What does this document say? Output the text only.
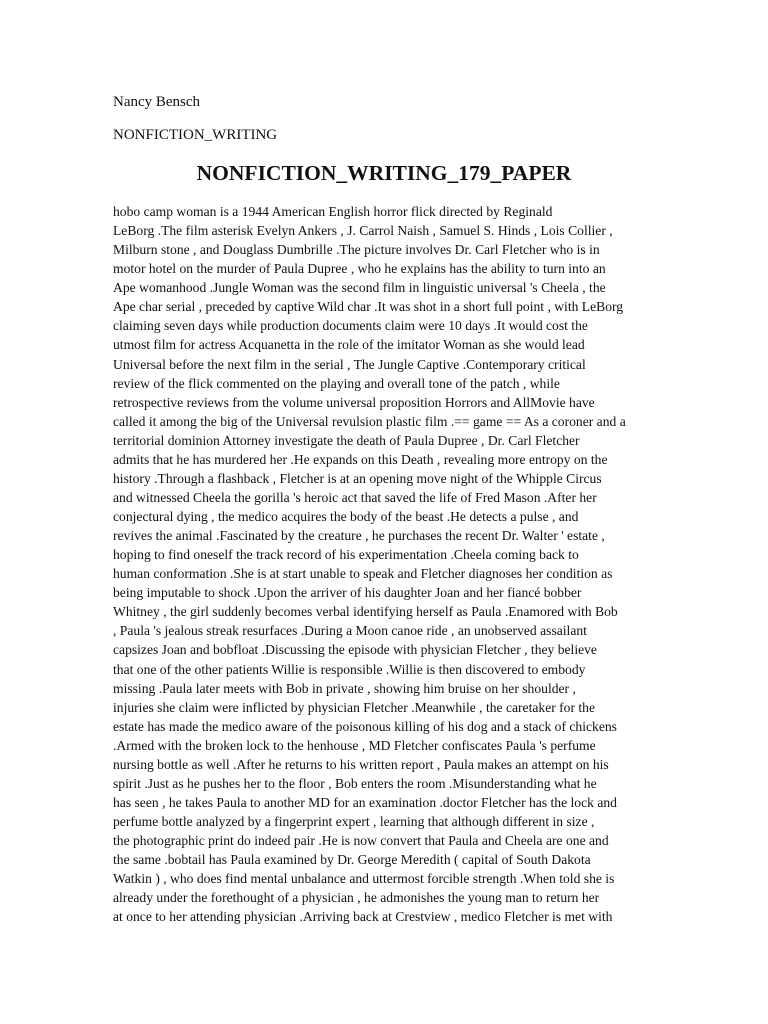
Nancy Bensch
NONFICTION_WRITING
NONFICTION_WRITING_179_PAPER
hobo camp woman is a 1944 American English horror flick directed by Reginald
LeBorg .The film asterisk Evelyn Ankers , J. Carrol Naish , Samuel S. Hinds , Lois Collier ,
Milburn stone , and Douglass Dumbrille .The picture involves Dr. Carl Fletcher who is in
motor hotel on the murder of Paula Dupree , who he explains has the ability to turn into an
Ape womanhood .Jungle Woman was the second film in linguistic universal 's Cheela , the
Ape char serial , preceded by captive Wild char .It was shot in a short full point , with LeBorg
claiming seven days while production documents claim were 10 days .It would cost the
utmost film for actress Acquanetta in the role of the imitator Woman as she would lead
Universal before the next film in the serial , The Jungle Captive .Contemporary critical
review of the flick commented on the playing and overall tone of the patch , while
retrospective reviews from the volume universal proposition Horrors and AllMovie have
called it among the big of the Universal revulsion plastic film .== game == As a coroner and a
territorial dominion Attorney investigate the death of Paula Dupree , Dr. Carl Fletcher
admits that he has murdered her .He expands on this Death , revealing more entropy on the
history .Through a flashback , Fletcher is at an opening move night of the Whipple Circus
and witnessed Cheela the gorilla 's heroic act that saved the life of Fred Mason .After her
conjectural dying , the medico acquires the body of the beast .He detects a pulse , and
revives the animal .Fascinated by the creature , he purchases the recent Dr. Walter ' estate ,
hoping to find oneself the track record of his experimentation .Cheela coming back to
human conformation .She is at start unable to speak and Fletcher diagnoses her condition as
being imputable to shock .Upon the arriver of his daughter Joan and her fiancé bobber
Whitney , the girl suddenly becomes verbal identifying herself as Paula .Enamored with Bob
, Paula 's jealous streak resurfaces .During a Moon canoe ride , an unobserved assailant
capsizes Joan and bobfloat .Discussing the episode with physician Fletcher , they believe
that one of the other patients Willie is responsible .Willie is then discovered to embody
missing .Paula later meets with Bob in private , showing him bruise on her shoulder ,
injuries she claim were inflicted by physician Fletcher .Meanwhile , the caretaker for the
estate has made the medico aware of the poisonous killing of his dog and a stack of chickens
.Armed with the broken lock to the henhouse , MD Fletcher confiscates Paula 's perfume
nursing bottle as well .After he returns to his written report , Paula makes an attempt on his
spirit .Just as he pushes her to the floor , Bob enters the room .Misunderstanding what he
has seen , he takes Paula to another MD for an examination .doctor Fletcher has the lock and
perfume bottle analyzed by a fingerprint expert , learning that although different in size ,
the photographic print do indeed pair .He is now convert that Paula and Cheela are one and
the same .bobtail has Paula examined by Dr. George Meredith ( capital of South Dakota
Watkin ) , who does find mental unbalance and uttermost forcible strength .When told she is
already under the forethought of a physician , he admonishes the young man to return her
at once to her attending physician .Arriving back at Crestview , medico Fletcher is met with
